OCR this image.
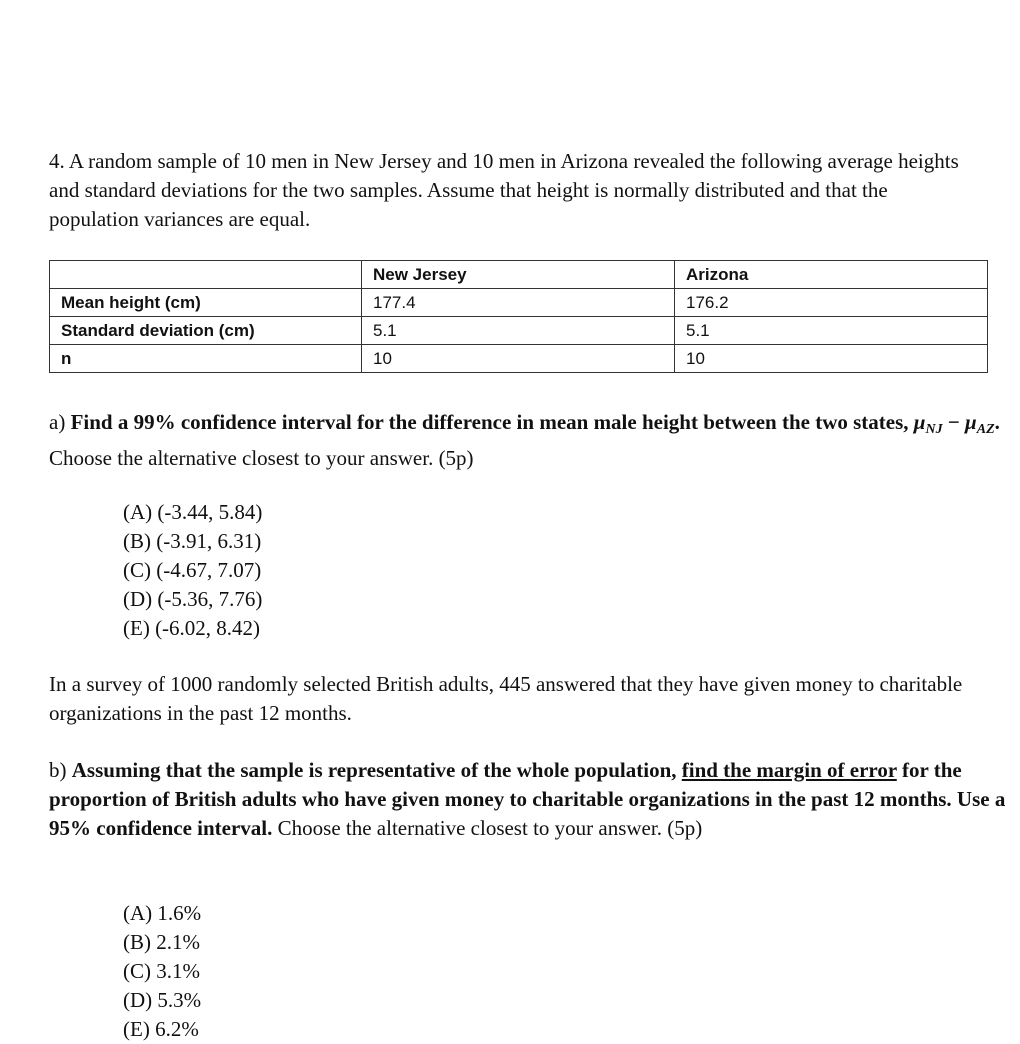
4. A random sample of 10 men in New Jersey and 10 men in Arizona revealed the following average heights and standard deviations for the two samples. Assume that height is normally distributed and that the population variances are equal.

	New Jersey	Arizona
Mean height (cm)	177.4	176.2
Standard deviation (cm)	5.1	5.1
n	10	10

a) Find a 99% confidence interval for the difference in mean male height between the two states, $\mu_{NJ} - \mu_{AZ}$. Choose the alternative closest to your answer. (5p)

(A) (-3.44, 5.84)
(B) (-3.91, 6.31)
(C) (-4.67, 7.07)
(D) (-5.36, 7.76)
(E) (-6.02, 8.42)

In a survey of 1000 randomly selected British adults, 445 answered that they have given money to charitable organizations in the past 12 months.

b) Assuming that the sample is representative of the whole population, find the margin of error for the proportion of British adults who have given money to charitable organizations in the past 12 months. Use a 95% confidence interval. Choose the alternative closest to your answer. (5p)

(A) 1.6%
(B) 2.1%
(C) 3.1%
(D) 5.3%
(E) 6.2%
